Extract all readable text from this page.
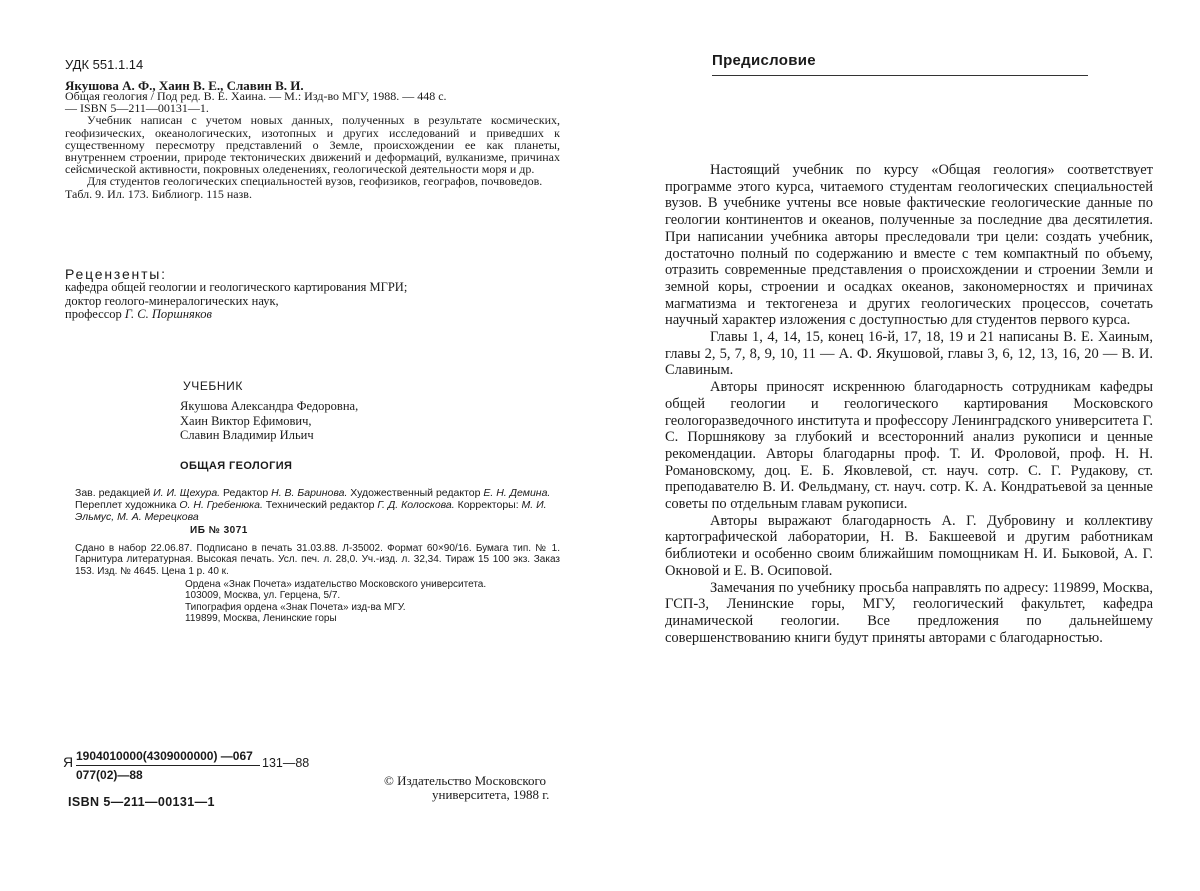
УДК 551.1.14
Якушова А. Ф., Хаин В. Е., Славин В. И.

Общая геология / Под ред. В. Е. Хаина. — М.: Изд-во МГУ, 1988. — 448 с.

— ISBN 5—211—00131—1.

Учебник написан с учетом новых данных, полученных в результате космических, геофизических, океанологических, изотопных и других исследований и приведших к существенному пересмотру представлений о Земле, происхождении ее как планеты, внутреннем строении, природе тектонических движений и деформаций, вулканизме, причинах сейсмической активности, покровных оледенениях, геологической деятельности моря и др.

Для студентов геологических специальностей вузов, геофизиков, географов, почвоведов.

Табл. 9. Ил. 173. Библиогр. 115 назв.

Рецензенты:
кафедра общей геологии и геологического картирования МГРИ;
доктор геолого-минералогических наук,
профессор Г. С. Поршняков
УЧЕБНИК
Якушова Александра Федоровна,
Хаин Виктор Ефимович,
Славин Владимир Ильич
ОБЩАЯ ГЕОЛОГИЯ
Зав. редакцией И. И. Щехура. Редактор Н. В. Баринова. Художественный редактор Е. Н. Демина. Переплет художника О. Н. Гребенюка. Технический редактор Г. Д. Колоскова. Корректоры: М. И. Эльмус, М. А. Мерецкова
ИБ № 3071
Сдано в набор 22.06.87. Подписано в печать 31.03.88. Л-35002. Формат 60×90/16. Бумага тип. № 1. Гарнитура литературная. Высокая печать. Усл. печ. л. 28,0. Уч.-изд. л. 32,34. Тираж 15 100 экз. Заказ 153. Изд. № 4645. Цена 1 р. 40 к.
Ордена «Знак Почета» издательство Московского университета.
103009, Москва, ул. Герцена, 5/7.
Типография ордена «Знак Почета» изд-ва МГУ.
119899, Москва, Ленинские горы
Я 1904010000(4309000000) —067
077(02)—88
131—88
© Издательство Московского
университета, 1988 г.
ISBN 5—211—00131—1
Предисловие

Настоящий учебник по курсу «Общая геология» соответствует программе этого курса, читаемого студентам геологических специальностей вузов. В учебнике учтены все новые фактические геологические данные по геологии континентов и океанов, полученные за последние два десятилетия. При написании учебника авторы преследовали три цели: создать учебник, достаточно полный по содержанию и вместе с тем компактный по объему, отразить современные представления о происхождении и строении Земли и земной коры, строении и осадках океанов, закономерностях и причинах магматизма и тектогенеза и других геологических процессов, сочетать научный характер изложения с доступностью для студентов первого курса.

Главы 1, 4, 14, 15, конец 16-й, 17, 18, 19 и 21 написаны В. Е. Хаиным, главы 2, 5, 7, 8, 9, 10, 11 — А. Ф. Якушовой, главы 3, 6, 12, 13, 16, 20 — В. И. Славиным.

Авторы приносят искреннюю благодарность сотрудникам кафедры общей геологии и геологического картирования Московского геологоразведочного института и профессору Ленинградского университета Г. С. Поршнякову за глубокий и всесторонний анализ рукописи и ценные рекомендации. Авторы благодарны проф. Т. И. Фроловой, проф. Н. Н. Романовскому, доц. Е. Б. Яковлевой, ст. науч. сотр. С. Г. Рудакову, ст. преподавателю В. И. Фельдману, ст. науч. сотр. К. А. Кондратьевой за ценные советы по отдельным главам рукописи.

Авторы выражают благодарность А. Г. Дубровину и коллективу картографической лаборатории, Н. В. Бакшеевой и другим работникам библиотеки и особенно своим ближайшим помощникам Н. И. Быковой, А. Г. Окновой и Е. В. Осиповой.

Замечания по учебнику просьба направлять по адресу: 119899, Москва, ГСП-3, Ленинские горы, МГУ, геологический факультет, кафедра динамической геологии. Все предложения по дальнейшему совершенствованию книги будут приняты авторами с благодарностью.
